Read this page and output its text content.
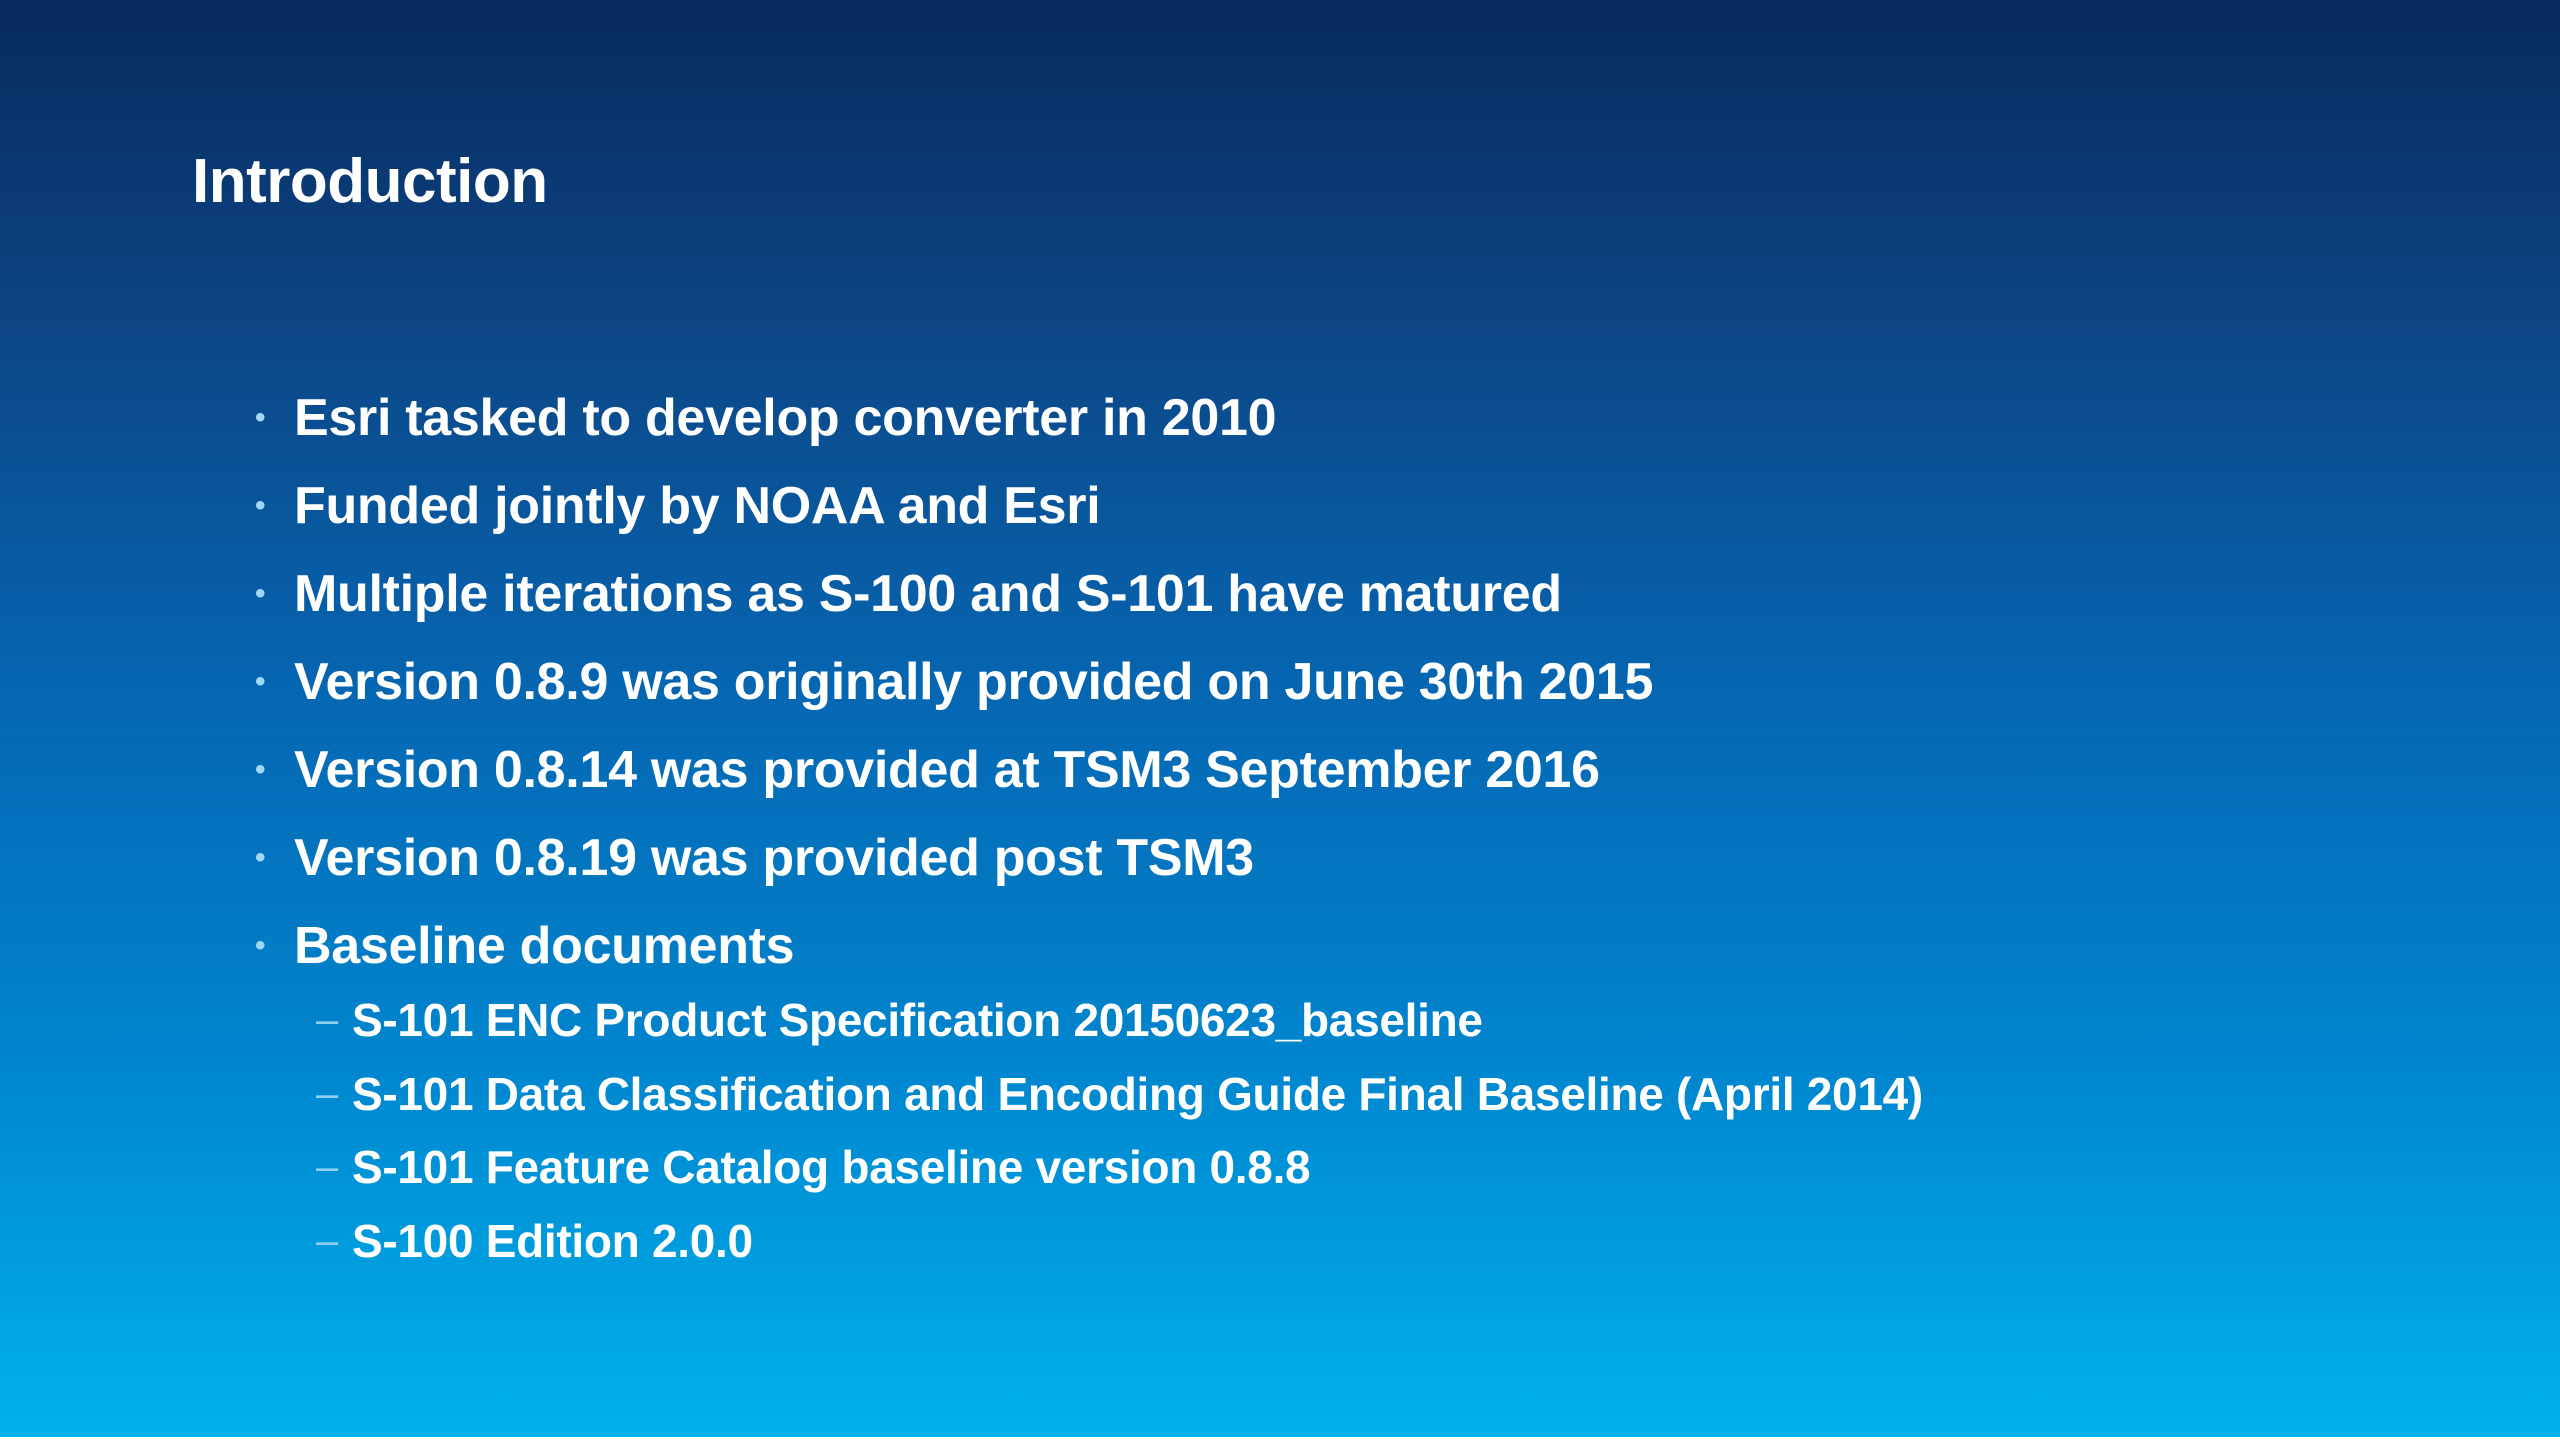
Introduction
• Esri tasked to develop converter in 2010
• Funded jointly by NOAA and Esri
• Multiple iterations as S-100 and S-101 have matured
• Version 0.8.9 was originally provided on June 30th 2015
• Version 0.8.14 was provided at TSM3 September 2016
• Version 0.8.19 was provided post TSM3
• Baseline documents
– S-101 ENC Product Specification 20150623_baseline
– S-101 Data Classification and Encoding Guide Final Baseline (April 2014)
– S-101 Feature Catalog baseline version 0.8.8
– S-100 Edition 2.0.0
